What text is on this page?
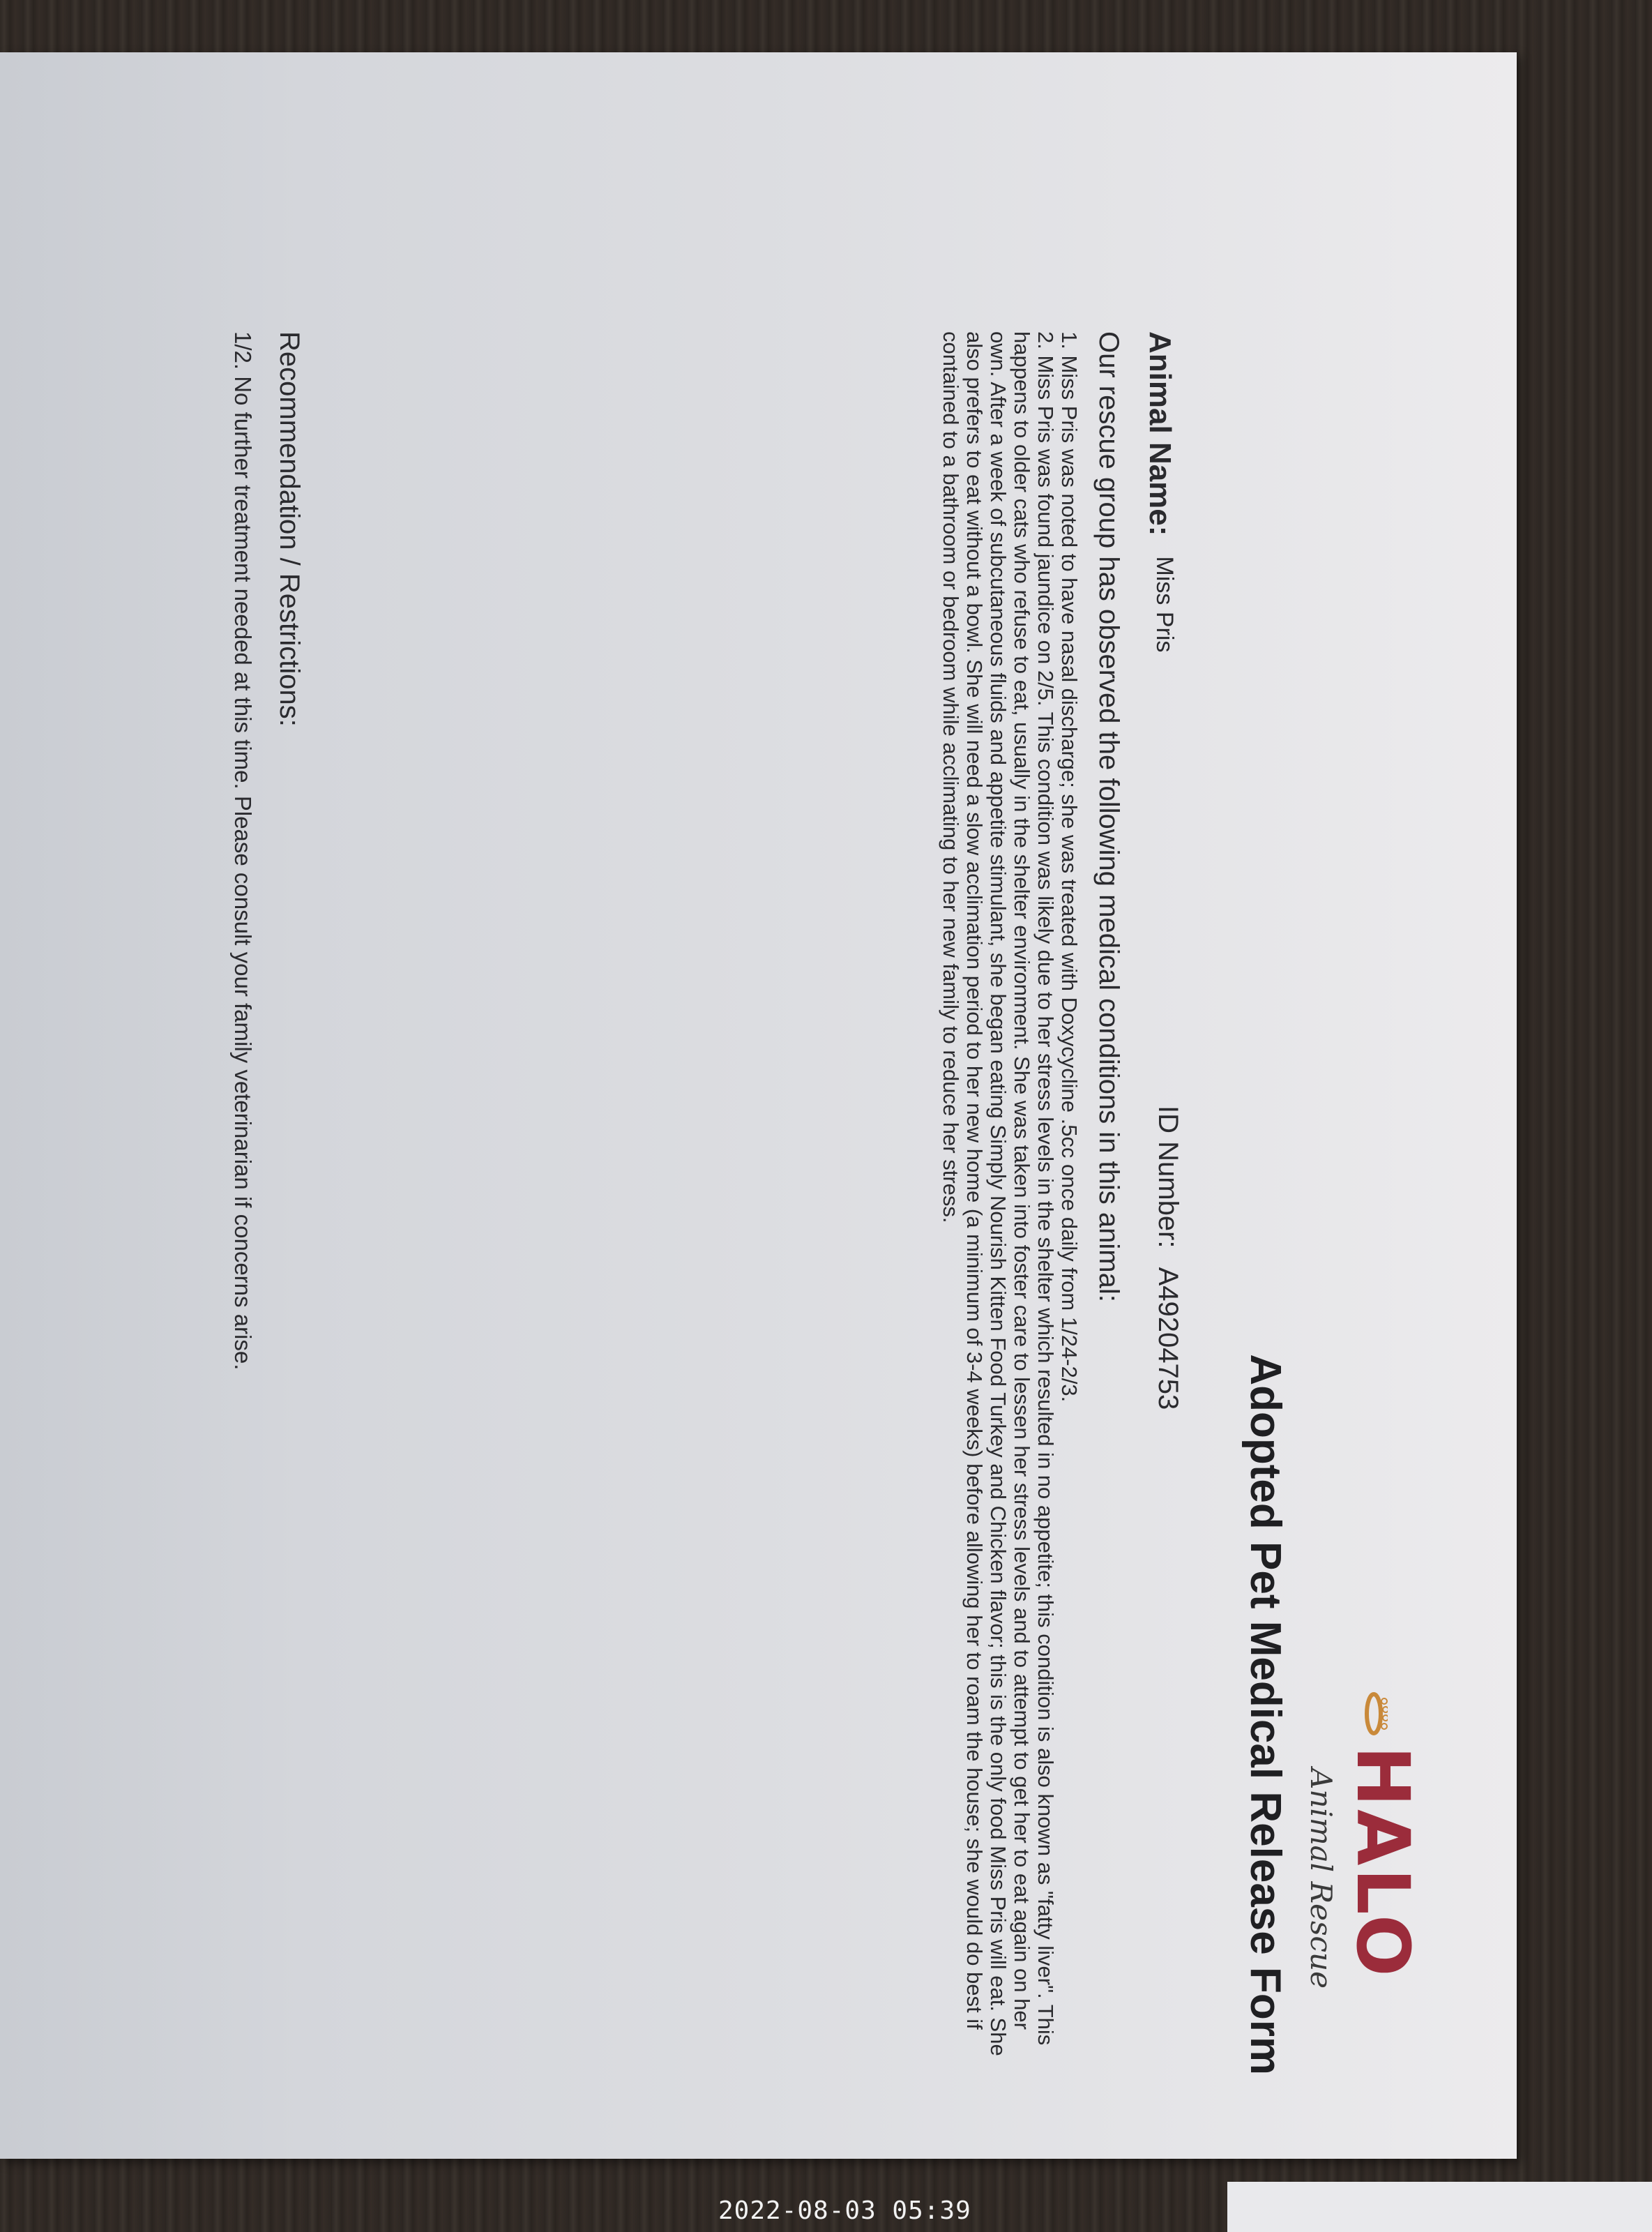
HALO
Animal Rescue
Adopted Pet Medical Release Form
Animal Name: $^{Miss Pris}$
ID Number: A49204753
Our rescue group has observed the following medical conditions in this animal:

1. Miss Pris was noted to have nasal discharge; she was treated with Doxycycline .5cc once daily from 1/24-2/3.

2. Miss Pris was found jaundice on 2/5. This condition was likely due to her stress levels in the shelter which resulted in no appetite; this condition is also known as "fatty liver". This happens to older cats who refuse to eat, usually in the shelter environment. She was taken into foster care to lessen her stress levels and to attempt to get her to eat again on her own. After a week of subcutaneous fluids and appetite stimulant, she began eating Simply Nourish Kitten Food Turkey and Chicken flavor; this is the only food Miss Pris will eat. She also prefers to eat without a bowl. She will need a slow acclimation period to her new home (a minimum of 3-4 weeks) before allowing her to roam the house; she would do best if contained to a bathroom or bedroom while acclimating to her new family to reduce her stress.

Recommendation / Restrictions:
1/2. No further treatment needed at this time. Please consult your family veterinarian if concerns arise.
2022-08-03 05:39
